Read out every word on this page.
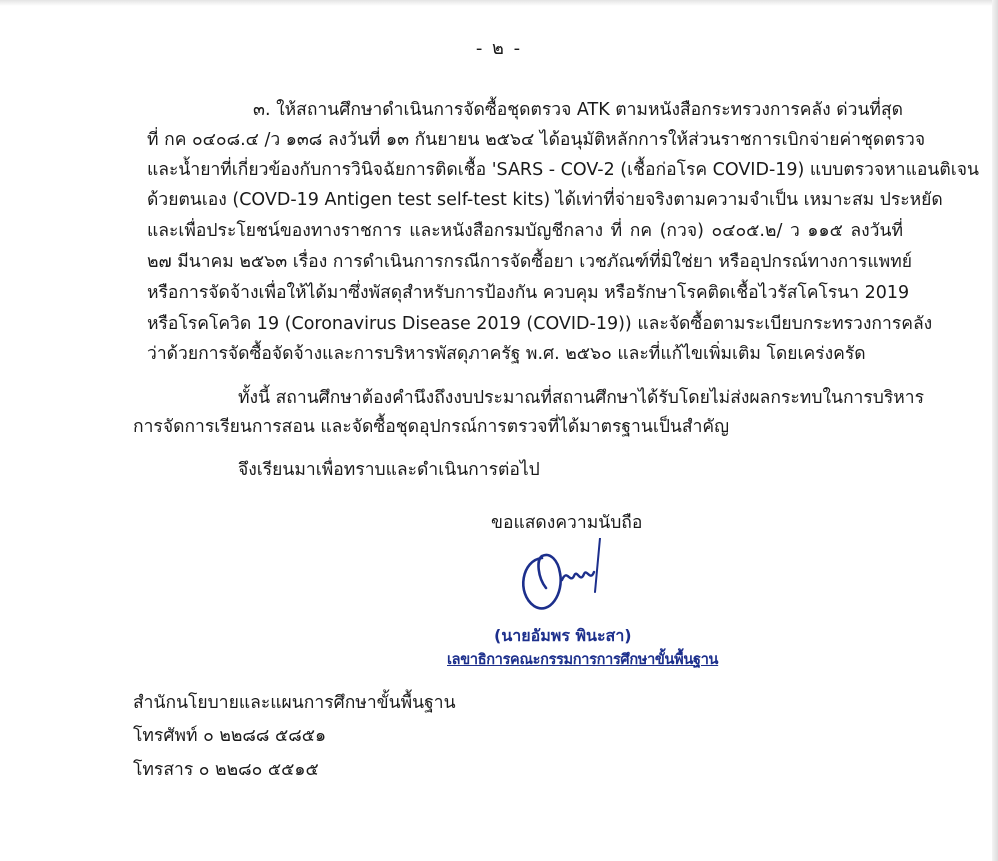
- ๒ -
๓. ให้สถานศึกษาดำเนินการจัดซื้อชุดตรวจ ATK ตามหนังสือกระทรวงการคลัง ด่วนที่สุด
ที่ กค ๐๔๐๘.๔ /ว ๑๓๘ ลงวันที่ ๑๓ กันยายน ๒๕๖๔ ได้อนุมัติหลักการให้ส่วนราชการเบิกจ่ายค่าชุดตรวจ
และน้ำยาที่เกี่ยวข้องกับการวินิจฉัยการติดเชื้อ 'SARS - COV-2 (เชื้อก่อโรค COVID-19) แบบตรวจหาแอนติเจน
ด้วยตนเอง (COVD-19 Antigen test self-test kits) ได้เท่าที่จ่ายจริงตามความจำเป็น เหมาะสม ประหยัด
และเพื่อประโยชน์ของทางราชการ และหนังสือกรมบัญชีกลาง ที่ กค (กวจ) ๐๔๐๕.๒/ ว ๑๑๕ ลงวันที่
๒๗ มีนาคม ๒๕๖๓ เรื่อง การดำเนินการกรณีการจัดซื้อยา เวชภัณฑ์ที่มิใช่ยา หรืออุปกรณ์ทางการแพทย์
หรือการจัดจ้างเพื่อให้ได้มาซึ่งพัสดุสำหรับการป้องกัน ควบคุม หรือรักษาโรคติดเชื้อไวรัสโคโรนา 2019
หรือโรคโควิด 19 (Coronavirus Disease 2019 (COVID-19)) และจัดซื้อตามระเบียบกระทรวงการคลัง
ว่าด้วยการจัดซื้อจัดจ้างและการบริหารพัสดุภาครัฐ พ.ศ. ๒๕๖๐ และที่แก้ไขเพิ่มเติม โดยเคร่งครัด
ทั้งนี้ สถานศึกษาต้องคำนึงถึงงบประมาณที่สถานศึกษาได้รับโดยไม่ส่งผลกระทบในการบริหาร
การจัดการเรียนการสอน และจัดซื้อชุดอุปกรณ์การตรวจที่ได้มาตรฐานเป็นสำคัญ
จึงเรียนมาเพื่อทราบและดำเนินการต่อไป
ขอแสดงความนับถือ
(นายอัมพร พินะสา)
เลขาธิการคณะกรรมการการศึกษาขั้นพื้นฐาน
สำนักนโยบายและแผนการศึกษาขั้นพื้นฐาน
โทรศัพท์ ๐ ๒๒๘๘ ๕๘๕๑
โทรสาร ๐ ๒๒๘๐ ๕๕๑๕
